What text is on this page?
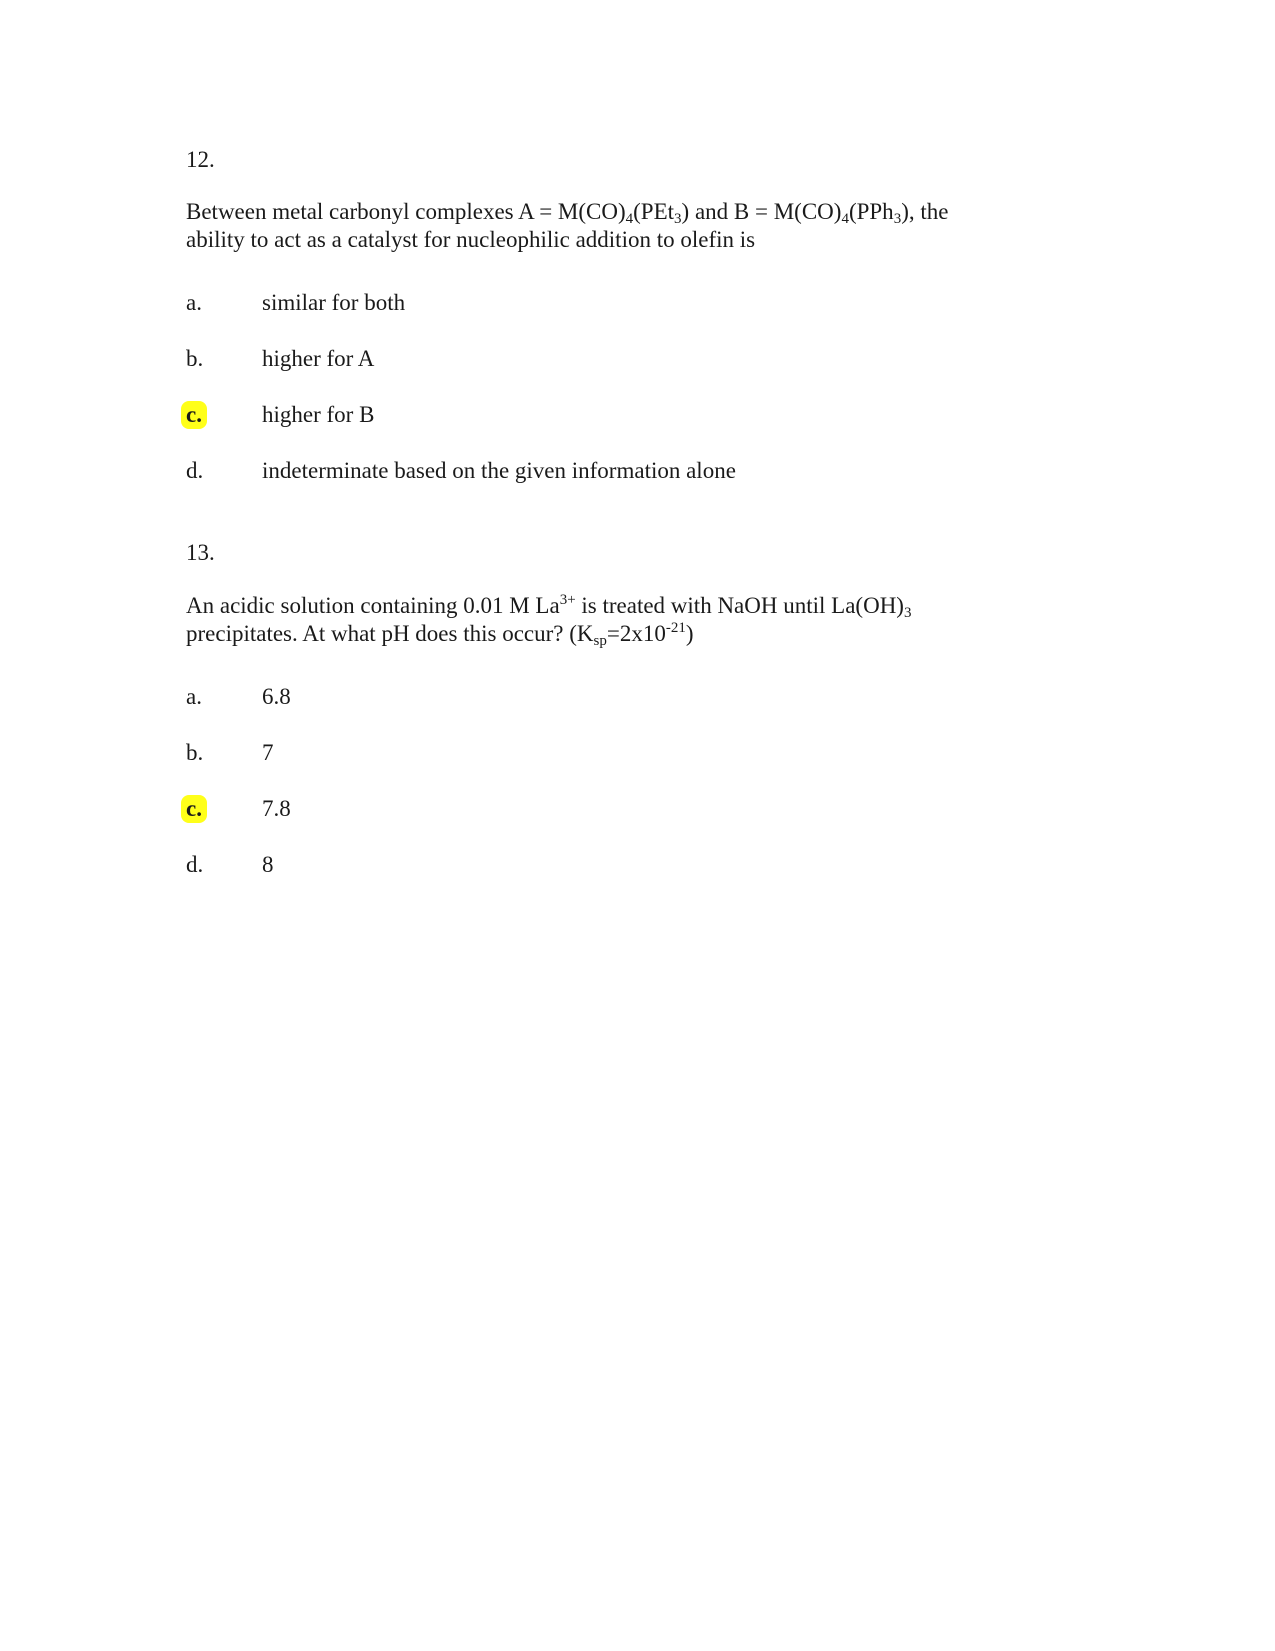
12.
Between metal carbonyl complexes $A = M(CO)_4(PEt_3)$ and $B = M(CO)_4(PPh_3)$, the
ability to act as a catalyst for nucleophilic addition to olefin is
a.	similar for both
b.	higher for A
c.	higher for B
d.	indeterminate based on the given information alone
13.
An acidic solution containing 0.01 M $La^{3+}$ is treated with NaOH until $La(OH)_3$
precipitates. At what pH does this occur? $(K_{sp}=2x10^{-21})$
a.	6.8
b.	7
c.	7.8
d.	8
